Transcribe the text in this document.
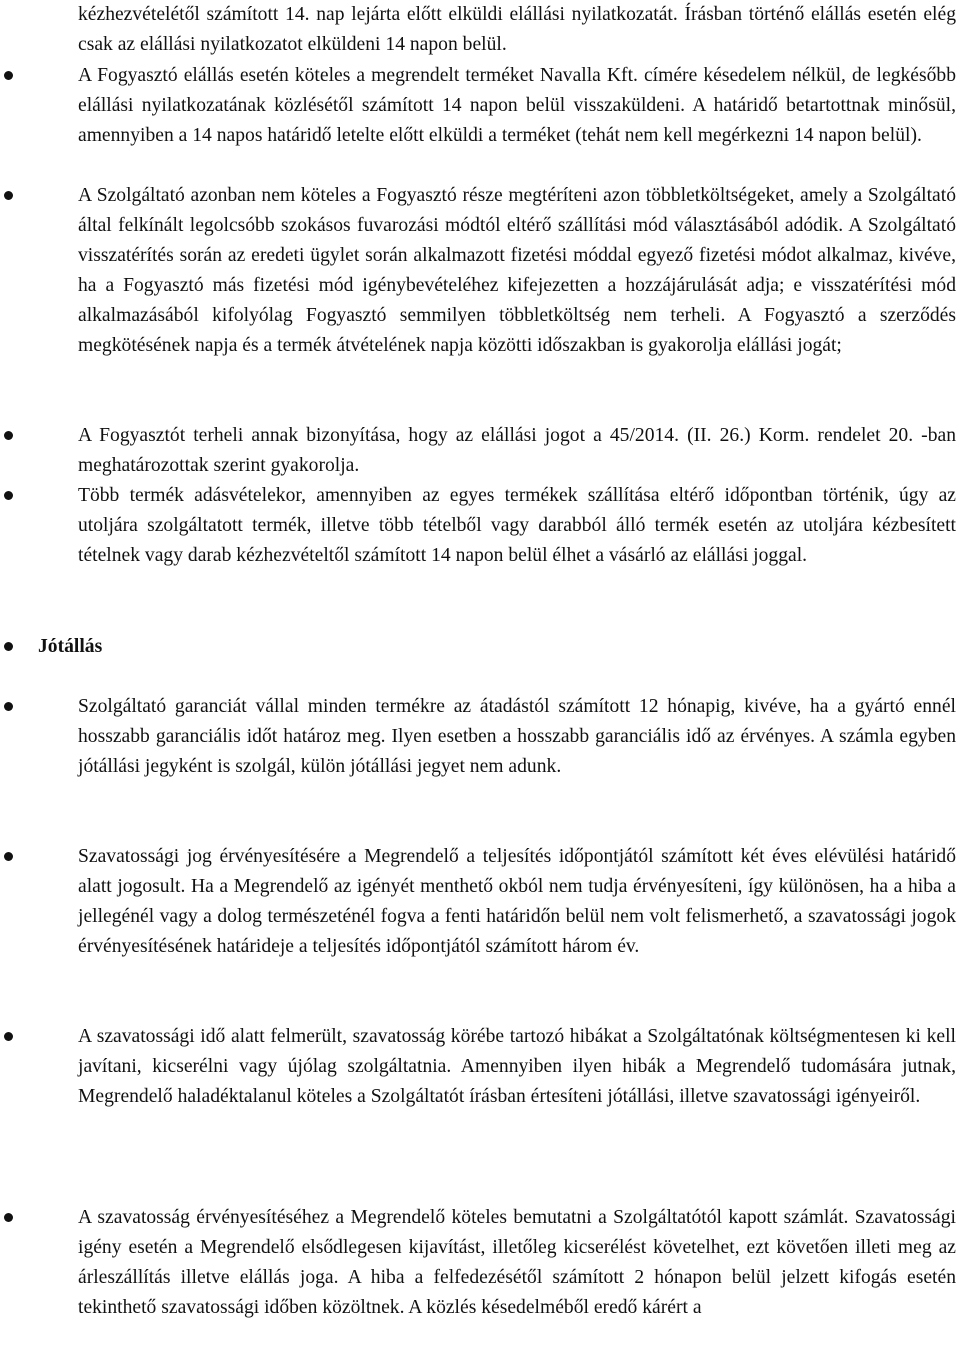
kézhezvételétől számított 14. nap lejárta előtt elküldi elállási nyilatkozatát. Írásban történő elállás esetén elég csak az elállási nyilatkozatot elküldeni 14 napon belül.

A Fogyasztó elállás esetén köteles a megrendelt terméket Navalla Kft. címére késedelem nélkül, de legkésőbb elállási nyilatkozatának közlésétől számított 14 napon belül visszaküldeni. A határidő betartottnak minősül, amennyiben a 14 napos határidő letelte előtt elküldi a terméket (tehát nem kell megérkezni 14 napon belül).

A Szolgáltató azonban nem köteles a Fogyasztó része megtéríteni azon többletköltségeket, amely a Szolgáltató által felkínált legolcsóbb szokásos fuvarozási módtól eltérő szállítási mód választásából adódik. A Szolgáltató visszatérítés során az eredeti ügylet során alkalmazott fizetési móddal egyező fizetési módot alkalmaz, kivéve, ha a Fogyasztó más fizetési mód igénybevételéhez kifejezetten a hozzájárulását adja; e visszatérítési mód alkalmazásából kifolyólag Fogyasztó semmilyen többletköltség nem terheli. A Fogyasztó a szerződés megkötésének napja és a termék átvételének napja közötti időszakban is gyakorolja elállási jogát;

A Fogyasztót terheli annak bizonyítása, hogy az elállási jogot a 45/2014. (II. 26.) Korm. rendelet 20. -ban meghatározottak szerint gyakorolja.

Több termék adásvételekor, amennyiben az egyes termékek szállítása eltérő időpontban történik, úgy az utoljára szolgáltatott termék, illetve több tételből vagy darabból álló termék esetén az utoljára kézbesített tételnek vagy darab kézhezvételtől számított 14 napon belül élhet a vásárló az elállási joggal.

Jótállás

Szolgáltató garanciát vállal minden termékre az átadástól számított 12 hónapig, kivéve, ha a gyártó ennél hosszabb garanciális időt határoz meg. Ilyen esetben a hosszabb garanciális idő az érvényes. A számla egyben jótállási jegyként is szolgál, külön jótállási jegyet nem adunk.

Szavatossági jog érvényesítésére a Megrendelő a teljesítés időpontjától számított két éves elévülési határidő alatt jogosult. Ha a Megrendelő az igényét menthető okból nem tudja érvényesíteni, így különösen, ha a hiba a jellegénél vagy a dolog természeténél fogva a fenti határidőn belül nem volt felismerhető, a szavatossági jogok érvényesítésének határideje a teljesítés időpontjától számított három év.

A szavatossági idő alatt felmerült, szavatosság körébe tartozó hibákat a Szolgáltatónak költségmentesen ki kell javítani, kicserélni vagy újólag szolgáltatnia. Amennyiben ilyen hibák a Megrendelő tudomására jutnak, Megrendelő haladéktalanul köteles a Szolgáltatót írásban értesíteni jótállási, illetve szavatossági igényeiről.

A szavatosság érvényesítéséhez a Megrendelő köteles bemutatni a Szolgáltatótól kapott számlát. Szavatossági igény esetén a Megrendelő elsődlegesen kijavítást, illetőleg kicserélést követelhet, ezt követően illeti meg az árleszállítás illetve elállás joga. A hiba a felfedezésétől számított 2 hónapon belül jelzett kifogás esetén tekinthető szavatossági időben közöltnek. A közlés késedelméből eredő kárért a
